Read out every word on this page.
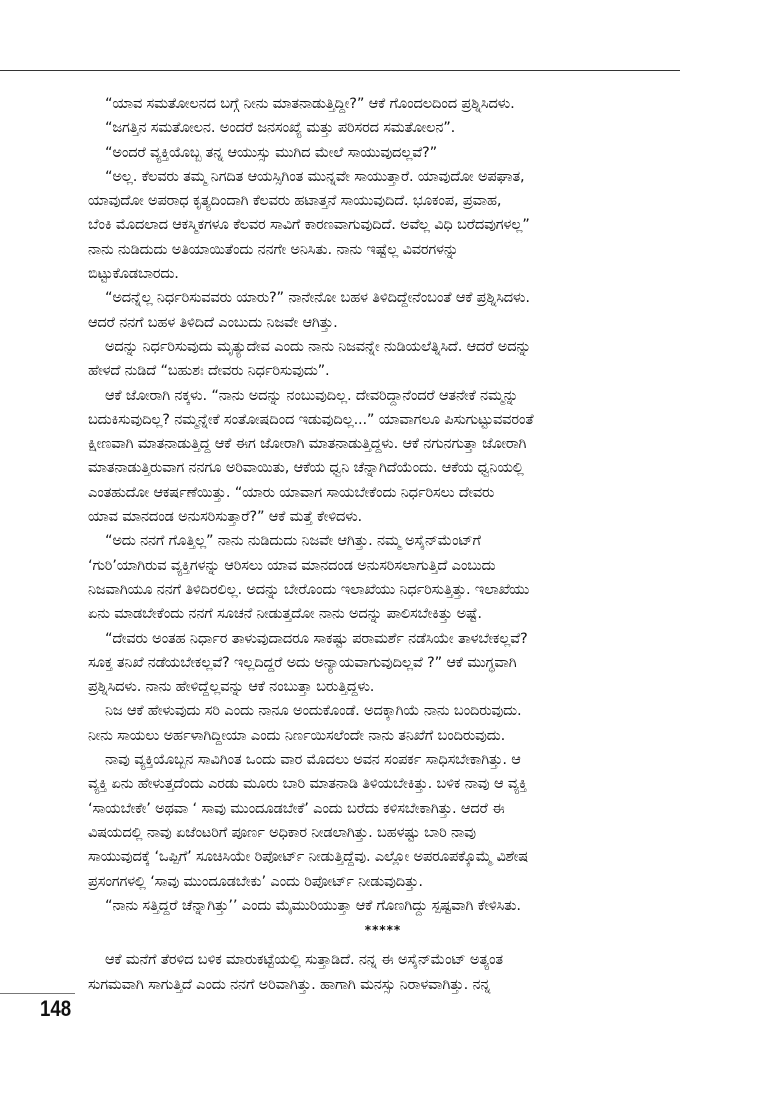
“ಯಾವ ಸಮತೋಲನದ ಬಗ್ಗೆ ನೀನು ಮಾತನಾಡುತ್ತಿದ್ದೀ?” ಆಕೆ ಗೊಂದಲದಿಂದ ಪ್ರಶ್ನಿಸಿದಳು.
“ಜಗತ್ತಿನ ಸಮತೋಲನ. ಅಂದರೆ ಜನಸಂಖ್ಯೆ ಮತ್ತು ಪರಿಸರದ ಸಮತೋಲನ”.
“ಅಂದರೆ ವ್ಯಕ್ತಿಯೊಬ್ಬ ತನ್ನ ಆಯುಸ್ಸು ಮುಗಿದ ಮೇಲೆ ಸಾಯುವುದಲ್ಲವೆ?”
“ಅಲ್ಲ. ಕೆಲವರು ತಮ್ಮ ನಿಗದಿತ ಆಯಸ್ಸಿಗಿಂತ ಮುನ್ನವೇ ಸಾಯುತ್ತಾರೆ. ಯಾವುದೋ ಅಪಘಾತ,
ಯಾವುದೋ ಅಪರಾಧ ಕೃತ್ಯದಿಂದಾಗಿ ಕೆಲವರು ಹಟಾತ್ತನೆ ಸಾಯುವುದಿದೆ. ಭೂಕಂಪ, ಪ್ರವಾಹ,
ಬೆಂಕಿ ಮೊದಲಾದ ಆಕಸ್ಮಿಕಗಳೂ ಕೆಲವರ ಸಾವಿಗೆ ಕಾರಣವಾಗುವುದಿದೆ. ಅವೆಲ್ಲ ವಿಧಿ ಬರೆದವುಗಳಲ್ಲ”
ನಾನು ನುಡಿದುದು ಅತಿಯಾಯಿತೆಂದು ನನಗೇ ಅನಿಸಿತು. ನಾನು ಇಷ್ಟೆಲ್ಲ ವಿವರಗಳನ್ನು
ಬಿಟ್ಟುಕೊಡಬಾರದು.
“ಅದನ್ನೆಲ್ಲ ನಿರ್ಧರಿಸುವವರು ಯಾರು?” ನಾನೇನೋ ಬಹಳ ತಿಳಿದಿದ್ದೇನೆಂಬಂತೆ ಆಕೆ ಪ್ರಶ್ನಿಸಿದಳು.
ಆದರೆ ನನಗೆ ಬಹಳ ತಿಳಿದಿದೆ ಎಂಬುದು ನಿಜವೇ ಆಗಿತ್ತು.
ಅದನ್ನು ನಿರ್ಧರಿಸುವುದು ಮೃತ್ಯುದೇವ ಎಂದು ನಾನು ನಿಜವನ್ನೇ ನುಡಿಯಲೆತ್ನಿಸಿದೆ. ಆದರೆ ಅದನ್ನು
ಹೇಳದೆ ನುಡಿದೆ “ಬಹುಶಃ ದೇವರು ನಿರ್ಧರಿಸುವುದು”.
ಆಕೆ ಜೋರಾಗಿ ನಕ್ಕಳು. “ನಾನು ಅದನ್ನು ನಂಬುವುದಿಲ್ಲ. ದೇವರಿದ್ದಾನೆಂದರೆ ಆತನೇಕೆ ನಮ್ಮನ್ನು
ಬದುಕಿಸುವುದಿಲ್ಲ? ನಮ್ಮನ್ನೇಕೆ ಸಂತೋಷದಿಂದ ಇಡುವುದಿಲ್ಲ...” ಯಾವಾಗಲೂ ಪಿಸುಗುಟ್ಟುವವರಂತೆ
ಕ್ಷೀಣವಾಗಿ ಮಾತನಾಡುತ್ತಿದ್ದ ಆಕೆ ಈಗ ಜೋರಾಗಿ ಮಾತನಾಡುತ್ತಿದ್ದಳು. ಆಕೆ ನಗುನಗುತ್ತಾ ಜೋರಾಗಿ
ಮಾತನಾಡುತ್ತಿರುವಾಗ ನನಗೂ ಅರಿವಾಯಿತು, ಆಕೆಯ ಧ್ವನಿ ಚೆನ್ನಾಗಿದೆಯೆಂದು. ಆಕೆಯ ಧ್ವನಿಯಲ್ಲಿ
ಎಂತಹುದೋ ಆಕರ್ಷಣೆಯಿತ್ತು. “ಯಾರು ಯಾವಾಗ ಸಾಯಬೇಕೆಂದು ನಿರ್ಧರಿಸಲು ದೇವರು
ಯಾವ ಮಾನದಂಡ ಅನುಸರಿಸುತ್ತಾರೆ?” ಆಕೆ ಮತ್ತೆ ಕೇಳಿದಳು.
“ಅದು ನನಗೆ ಗೊತ್ತಿಲ್ಲ” ನಾನು ನುಡಿದುದು ನಿಜವೇ ಆಗಿತ್ತು. ನಮ್ಮ ಅಸೈನ್‌ಮೆಂಟ್‌ಗೆ
‘ಗುರಿ’ಯಾಗಿರುವ ವ್ಯಕ್ತಿಗಳನ್ನು ಆರಿಸಲು ಯಾವ ಮಾನದಂಡ ಅನುಸರಿಸಲಾಗುತ್ತಿದೆ ಎಂಬುದು
ನಿಜವಾಗಿಯೂ ನನಗೆ ತಿಳಿದಿರಲಿಲ್ಲ. ಅದನ್ನು ಬೇರೊಂದು ಇಲಾಖೆಯು ನಿರ್ಧರಿಸುತ್ತಿತ್ತು. ಇಲಾಖೆಯು
ಏನು ಮಾಡಬೇಕೆಂದು ನನಗೆ ಸೂಚನೆ ನೀಡುತ್ತದೋ ನಾನು ಅದನ್ನು ಪಾಲಿಸಬೇಕಿತ್ತು ಅಷ್ಟೆ.
“ದೇವರು ಅಂತಹ ನಿರ್ಧಾರ ತಾಳುವುದಾದರೂ ಸಾಕಷ್ಟು ಪರಾಮರ್ಶೆ ನಡೆಸಿಯೇ ತಾಳಬೇಕಲ್ಲವೆ?
ಸೂಕ್ತ ತನಿಖೆ ನಡೆಯಬೇಕಲ್ಲವೆ? ಇಲ್ಲದಿದ್ದರೆ ಅದು ಅನ್ಯಾಯವಾಗುವುದಿಲ್ಲವೆ ?” ಆಕೆ ಮುಗ್ಧವಾಗಿ
ಪ್ರಶ್ನಿಸಿದಳು. ನಾನು ಹೇಳಿದ್ದೆಲ್ಲವನ್ನು ಆಕೆ ನಂಬುತ್ತಾ ಬರುತ್ತಿದ್ದಳು.
ನಿಜ ಆಕೆ ಹೇಳುವುದು ಸರಿ ಎಂದು ನಾನೂ ಅಂದುಕೊಂಡೆ. ಅದಕ್ಕಾಗಿಯೆ ನಾನು ಬಂದಿರುವುದು.
ನೀನು ಸಾಯಲು ಅರ್ಹಳಾಗಿದ್ದೀಯಾ ಎಂದು ನಿರ್ಣಯಿಸಲೆಂದೇ ನಾನು ತನಿಖೆಗೆ ಬಂದಿರುವುದು.
ನಾವು ವ್ಯಕ್ತಿಯೊಬ್ಬನ ಸಾವಿಗಿಂತ ಒಂದು ವಾರ ಮೊದಲು ಅವನ ಸಂಪರ್ಕ ಸಾಧಿಸಬೇಕಾಗಿತ್ತು. ಆ
ವ್ಯಕ್ತಿ ಏನು ಹೇಳುತ್ತದೆಂದು ಎರಡು ಮೂರು ಬಾರಿ ಮಾತನಾಡಿ ತಿಳಿಯಬೇಕಿತ್ತು. ಬಳಿಕ ನಾವು ಆ ವ್ಯಕ್ತಿ
‘ಸಾಯಬೇಕೇ’ ಅಥವಾ ‘ ಸಾವು ಮುಂದೂಡಬೇಕೆ’ ಎಂದು ಬರೆದು ಕಳಿಸಬೇಕಾಗಿತ್ತು. ಆದರೆ ಈ
ವಿಷಯದಲ್ಲಿ ನಾವು ಏಜೆಂಟರಿಗೆ ಪೂರ್ಣ ಅಧಿಕಾರ ನೀಡಲಾಗಿತ್ತು. ಬಹಳಷ್ಟು ಬಾರಿ ನಾವು
ಸಾಯುವುದಕ್ಕೆ ‘ಒಪ್ಪಿಗೆ’ ಸೂಚಿಸಿಯೇ ರಿಪೋರ್ಟ್ ನೀಡುತ್ತಿದ್ದೆವು. ಎಲ್ಲೋ ಅಪರೂಪಕ್ಕೊಮ್ಮೆ ವಿಶೇಷ
ಪ್ರಸಂಗಗಳಲ್ಲಿ ‘ಸಾವು ಮುಂದೂಡಬೇಕು’ ಎಂದು ರಿಪೋರ್ಟ್ ನೀಡುವುದಿತ್ತು.
“ನಾನು ಸತ್ತಿದ್ದರೆ ಚೆನ್ನಾಗಿತ್ತು’’ ಎಂದು ಮೈಮುರಿಯುತ್ತಾ ಆಕೆ ಗೊಣಗಿದ್ದು ಸ್ಪಷ್ಟವಾಗಿ ಕೇಳಿಸಿತು.
*****
ಆಕೆ ಮನೆಗೆ ತೆರಳಿದ ಬಳಿಕ ಮಾರುಕಟ್ಟೆಯಲ್ಲಿ ಸುತ್ತಾಡಿದೆ. ನನ್ನ ಈ ಅಸೈನ್‌ಮೆಂಟ್ ಅತ್ಯಂತ
ಸುಗಮವಾಗಿ ಸಾಗುತ್ತಿದೆ ಎಂದು ನನಗೆ ಅರಿವಾಗಿತ್ತು. ಹಾಗಾಗಿ ಮನಸ್ಸು ನಿರಾಳವಾಗಿತ್ತು. ನನ್ನ
148
